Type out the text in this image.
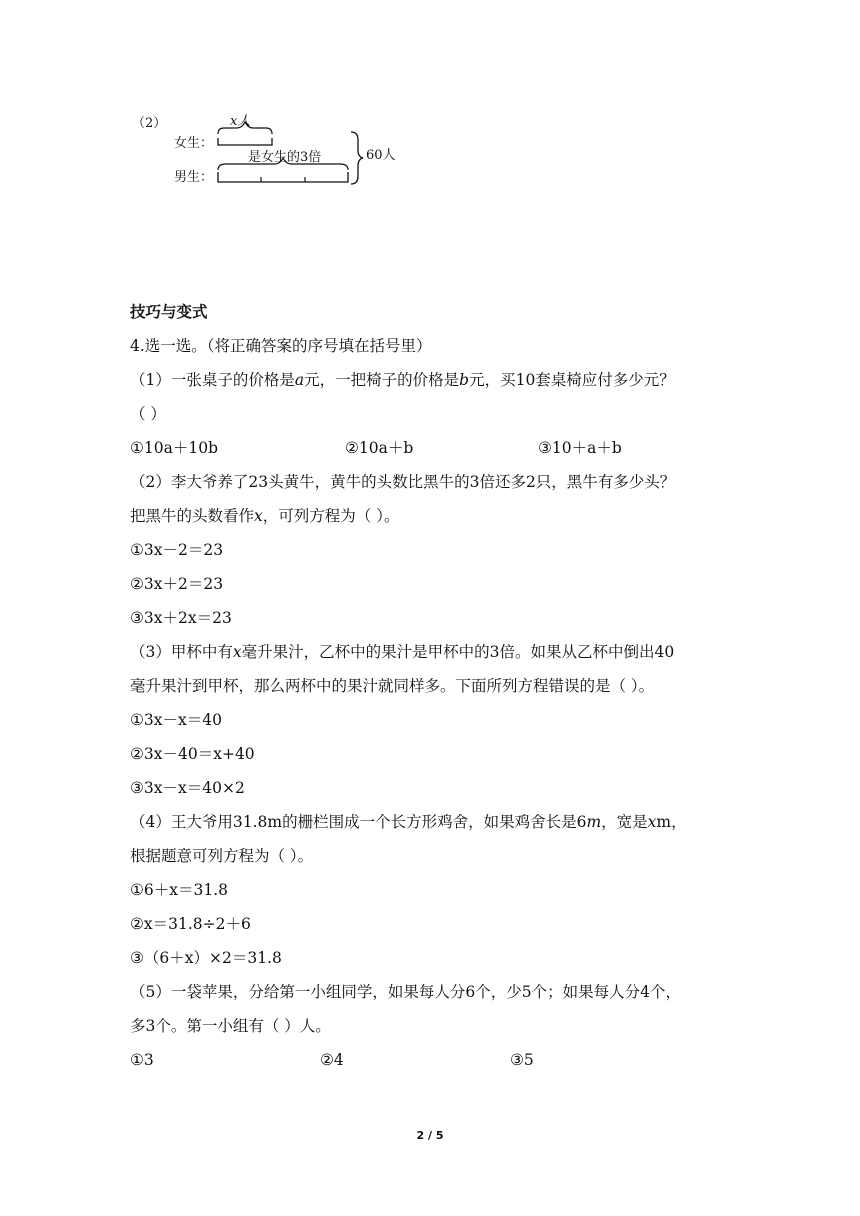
（2）	x人
女生：
是女生的3倍
男生：
60人
技巧与变式
4.选一选。（将正确答案的序号填在括号里）
（1）一张桌子的价格是a元，一把椅子的价格是b元，买10套桌椅应付多少元？
（ ）
①10a＋10b	②10a＋b	③10＋a＋b
（2）李大爷养了23头黄牛，黄牛的头数比黑牛的3倍还多2只，黑牛有多少头？
把黑牛的头数看作x，可列方程为（ ）。
①3x－2＝23
②3x＋2＝23
③3x＋2x＝23
（3）甲杯中有x毫升果汁，乙杯中的果汁是甲杯中的3倍。如果从乙杯中倒出40
毫升果汁到甲杯，那么两杯中的果汁就同样多。下面所列方程错误的是（ ）。
①3x－x＝40
②3x－40＝x+40
③3x－x＝40×2
（4）王大爷用31.8m的栅栏围成一个长方形鸡舍，如果鸡舍长是6m，宽是xm，
根据题意可列方程为（ ）。
①6＋x＝31.8
②x＝31.8÷2＋6
③（6＋x）×2＝31.8
（5）一袋苹果，分给第一小组同学，如果每人分6个，少5个；如果每人分4个，
多3个。第一小组有（ ）人。
①3	②4	③5
2 / 5
